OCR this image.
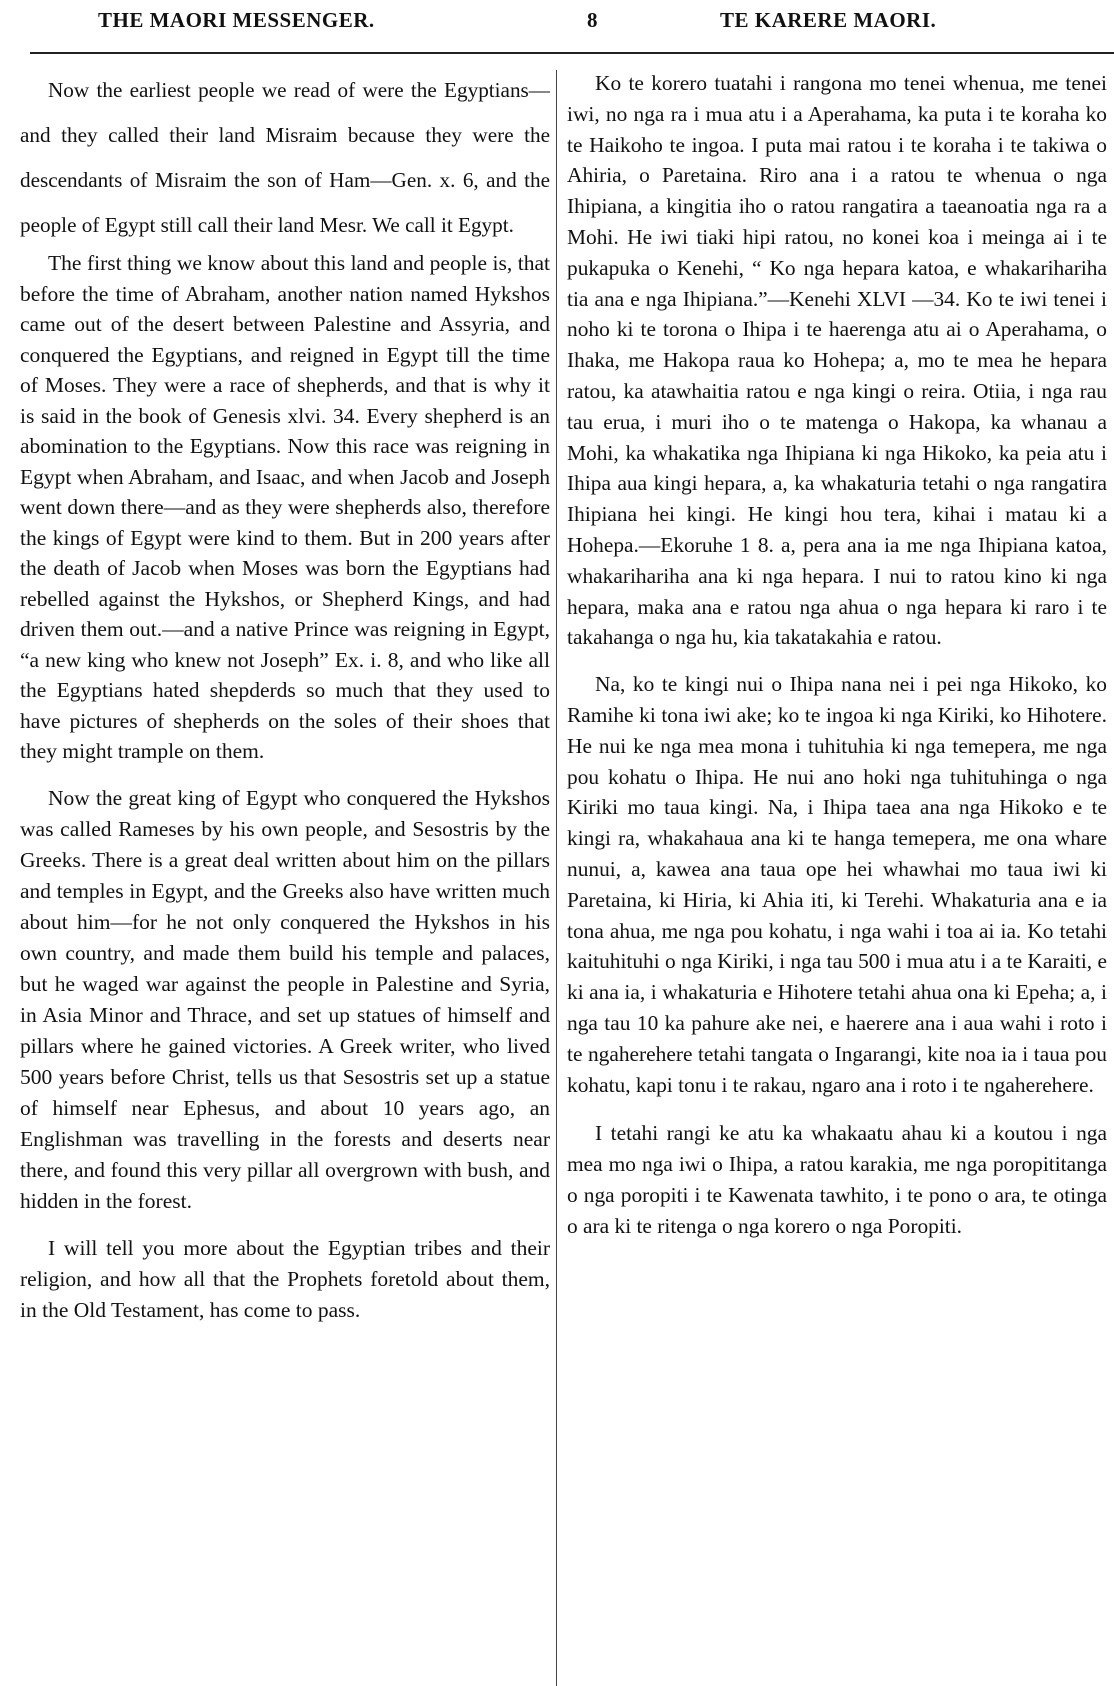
THE MAORI MESSENGER.	8	TE KARERE MAORI.

Now the earliest people we read of were the Egyptians—and they called their land Misraim because they were the descendants of Misraim the son of Ham—Gen. x. 6, and the people of Egypt still call their land Mesr. We call it Egypt.

The first thing we know about this land and people is, that before the time of Abraham, another nation named Hykshos came out of the desert between Palestine and Assyria, and conquered the Egyptians, and reigned in Egypt till the time of Moses. They were a race of shepherds, and that is why it is said in the book of Genesis xlvi. 34. Every shepherd is an abomination to the Egyptians. Now this race was reigning in Egypt when Abraham, and Isaac, and when Jacob and Joseph went down there—and as they were shepherds also, therefore the kings of Egypt were kind to them. But in 200 years after the death of Jacob when Moses was born the Egyptians had rebelled against the Hykshos, or Shepherd Kings, and had driven them out.—and a native Prince was reigning in Egypt, “a new king who knew not Joseph” Ex. i. 8, and who like all the Egyptians hated shepderds so much that they used to have pictures of shepherds on the soles of their shoes that they might trample on them.

Now the great king of Egypt who conquered the Hykshos was called Rameses by his own people, and Sesostris by the Greeks. There is a great deal written about him on the pillars and temples in Egypt, and the Greeks also have written much about him—for he not only conquered the Hykshos in his own country, and made them build his temple and palaces, but he waged war against the people in Palestine and Syria, in Asia Minor and Thrace, and set up statues of himself and pillars where he gained victories. A Greek writer, who lived 500 years before Christ, tells us that Sesostris set up a statue of himself near Ephesus, and about 10 years ago, an Englishman was travelling in the forests and deserts near there, and found this very pillar all overgrown with bush, and hidden in the forest.

I will tell you more about the Egyptian tribes and their religion, and how all that the Prophets foretold about them, in the Old Testament, has come to pass.

Ko te korero tuatahi i rangona mo tenei whenua, me tenei iwi, no nga ra i mua atu i a Aperahama, ka puta i te koraha ko te Haikoho te ingoa. I puta mai ratou i te koraha i te takiwa o Ahiria, o Paretaina. Riro ana i a ratou te whenua o nga Ihipiana, a kingitia iho o ratou rangatira a taeanoatia nga ra a Mohi. He iwi tiaki hipi ratou, no konei koa i meinga ai i te pukapuka o Kenehi, “ Ko nga hepara katoa, e whakarihariha tia ana e nga Ihipiana.”—Kenehi XLVI —34. Ko te iwi tenei i noho ki te torona o Ihipa i te haerenga atu ai o Aperahama, o Ihaka, me Hakopa raua ko Hohepa; a, mo te mea he hepara ratou, ka atawhaitia ratou e nga kingi o reira. Otiia, i nga rau tau erua, i muri iho o te matenga o Hakopa, ka whanau a Mohi, ka whakatika nga Ihipiana ki nga Hikoko, ka peia atu i Ihipa aua kingi hepara, a, ka whakaturia tetahi o nga rangatira Ihipiana hei kingi. He kingi hou tera, kihai i matau ki a Hohepa.—Ekoruhe 1 8. a, pera ana ia me nga Ihipiana katoa, whakarihariha ana ki nga hepara. I nui to ratou kino ki nga hepara, maka ana e ratou nga ahua o nga hepara ki raro i te takahanga o nga hu, kia takatakahia e ratou.

Na, ko te kingi nui o Ihipa nana nei i pei nga Hikoko, ko Ramihe ki tona iwi ake; ko te ingoa ki nga Kiriki, ko Hihotere. He nui ke nga mea mona i tuhituhia ki nga temepera, me nga pou kohatu o Ihipa. He nui ano hoki nga tuhituhinga o nga Kiriki mo taua kingi. Na, i Ihipa taea ana nga Hikoko e te kingi ra, whakahaua ana ki te hanga temepera, me ona whare nunui, a, kawea ana taua ope hei whawhai mo taua iwi ki Paretaina, ki Hiria, ki Ahia iti, ki Terehi. Whakaturia ana e ia tona ahua, me nga pou kohatu, i nga wahi i toa ai ia. Ko tetahi kaituhituhi o nga Kiriki, i nga tau 500 i mua atu i a te Karaiti, e ki ana ia, i whakaturia e Hihotere tetahi ahua ona ki Epeha; a, i nga tau 10 ka pahure ake nei, e haerere ana i aua wahi i roto i te ngaherehere tetahi tangata o Ingarangi, kite noa ia i taua pou kohatu, kapi tonu i te rakau, ngaro ana i roto i te ngaherehere.

I tetahi rangi ke atu ka whakaatu ahau ki a koutou i nga mea mo nga iwi o Ihipa, a ratou karakia, me nga poropititanga o nga poropiti i te Kawenata tawhito, i te pono o ara, te otinga o ara ki te ritenga o nga korero o nga Poropiti.
